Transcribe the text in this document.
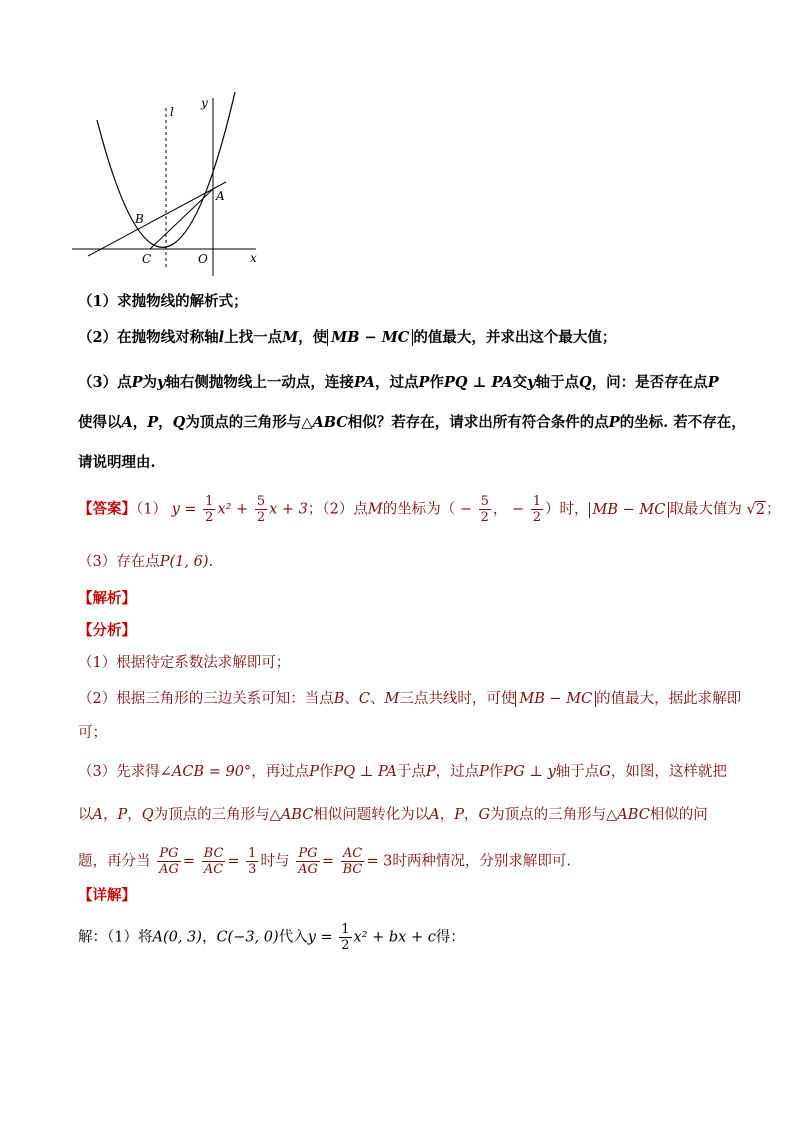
l
y
x
A
B
C	O
（1）求抛物线的解析式；
（2）在抛物线对称轴l上找一点M，使 MB − MC 的值最大，并求出这个最大值；
（3）点P为y轴右侧抛物线上一动点，连接PA，过点P作PQ ⊥ PA交y轴于点Q，问：是否存在点P
使得以A，P，Q为顶点的三角形与△ABC相似？若存在，请求出所有符合条件的点P的坐标. 若不存在，
请说明理由.
【答案】（1） $y = \frac{1}{2} x^2 + \frac{5}{2}$ x + 3；（2）点M的坐标为（ − $\frac{5}{2}$ ， − $\frac{1}{2}$ ）时， MB − MC 取最大值为 √2；
（3）存在点P(1, 6).
【解析】
【分析】
（1）根据待定系数法求解即可；
（2）根据三角形的三边关系可知：当点B、C、M三点共线时，可使 MB − MC 的值最大，据此求解即
可；
（3）先求得∠ACB = 90°，再过点P作PQ ⊥ PA于点P，过点P作PG ⊥ y轴于点G，如图，这样就把
以A，P，Q为顶点的三角形与△ABC相似问题转化为以A，P，G为顶点的三角形与△ABC相似的问
题，再分当 $\frac{PG}{AG} = \frac{BC}{AC} = \frac{1}{3}$ 时与 $\frac{PG}{AG} = \frac{AC}{BC} = 3$时两种情况，分别求解即可.
【详解】
解：（1）将A(0, 3)，C(−3, 0)代入$y = \frac{1}{2} x^2$ + bx + c得：
